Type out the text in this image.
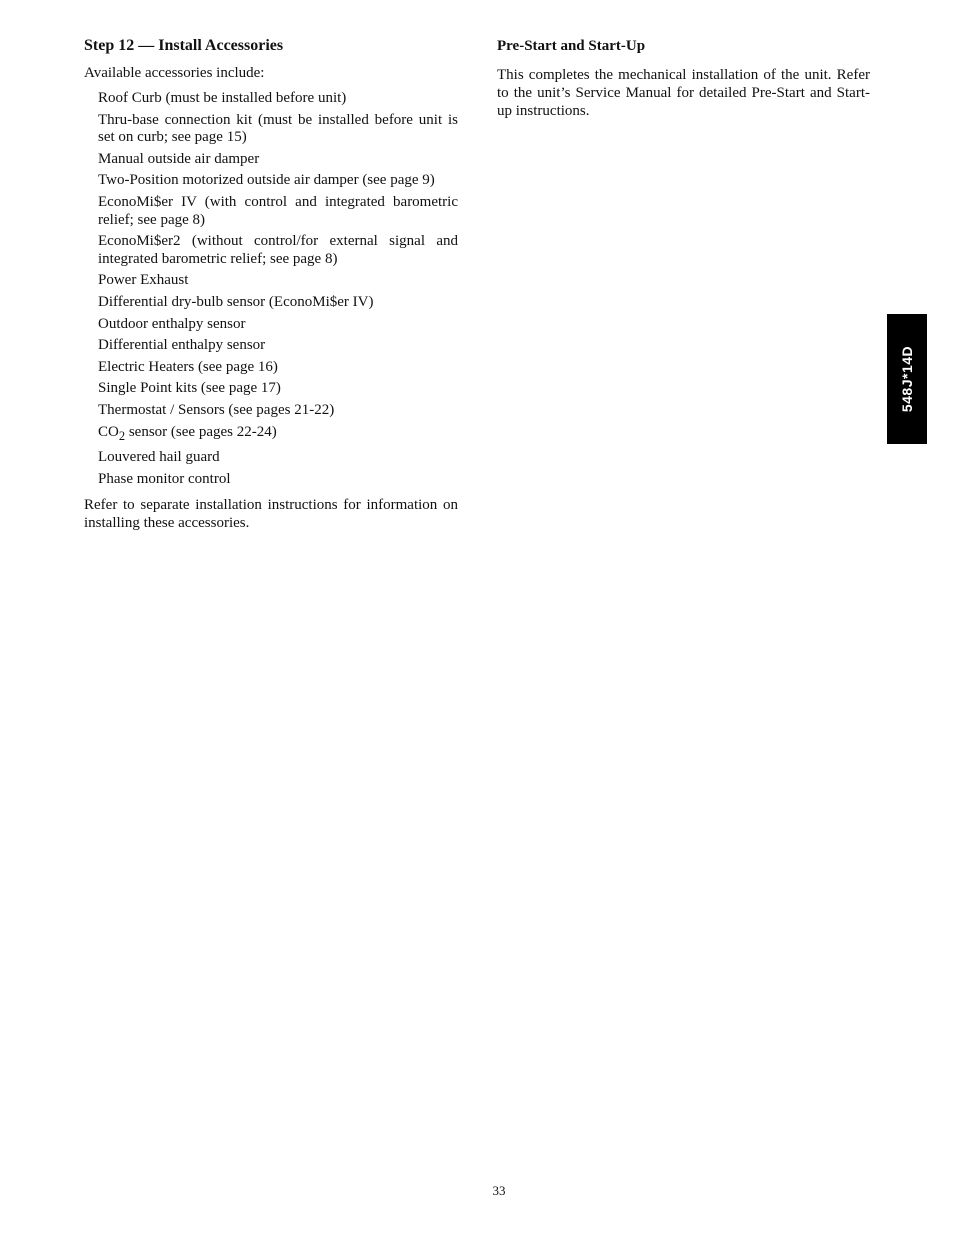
Step 12 — Install Accessories

Available accessories include:

Roof Curb (must be installed before unit)
Thru-base connection kit (must be installed before unit is set on curb; see page 15)
Manual outside air damper
Two-Position motorized outside air damper (see page 9)
EconoMi$er IV (with control and integrated barometric relief; see page 8)
EconoMi$er2 (without control/for external signal and integrated barometric relief; see page 8)
Power Exhaust
Differential dry-bulb sensor (EconoMi$er IV)
Outdoor enthalpy sensor
Differential enthalpy sensor
Electric Heaters (see page 16)
Single Point kits (see page 17)
Thermostat / Sensors (see pages 21-22)
$CO_2$ sensor (see pages 22-24)
Louvered hail guard
Phase monitor control

Refer to separate installation instructions for information on installing these accessories.

Pre-Start and Start-Up

This completes the mechanical installation of the unit. Refer to the unit’s Service Manual for detailed Pre-Start and Start-up instructions.

548J*14D
33
